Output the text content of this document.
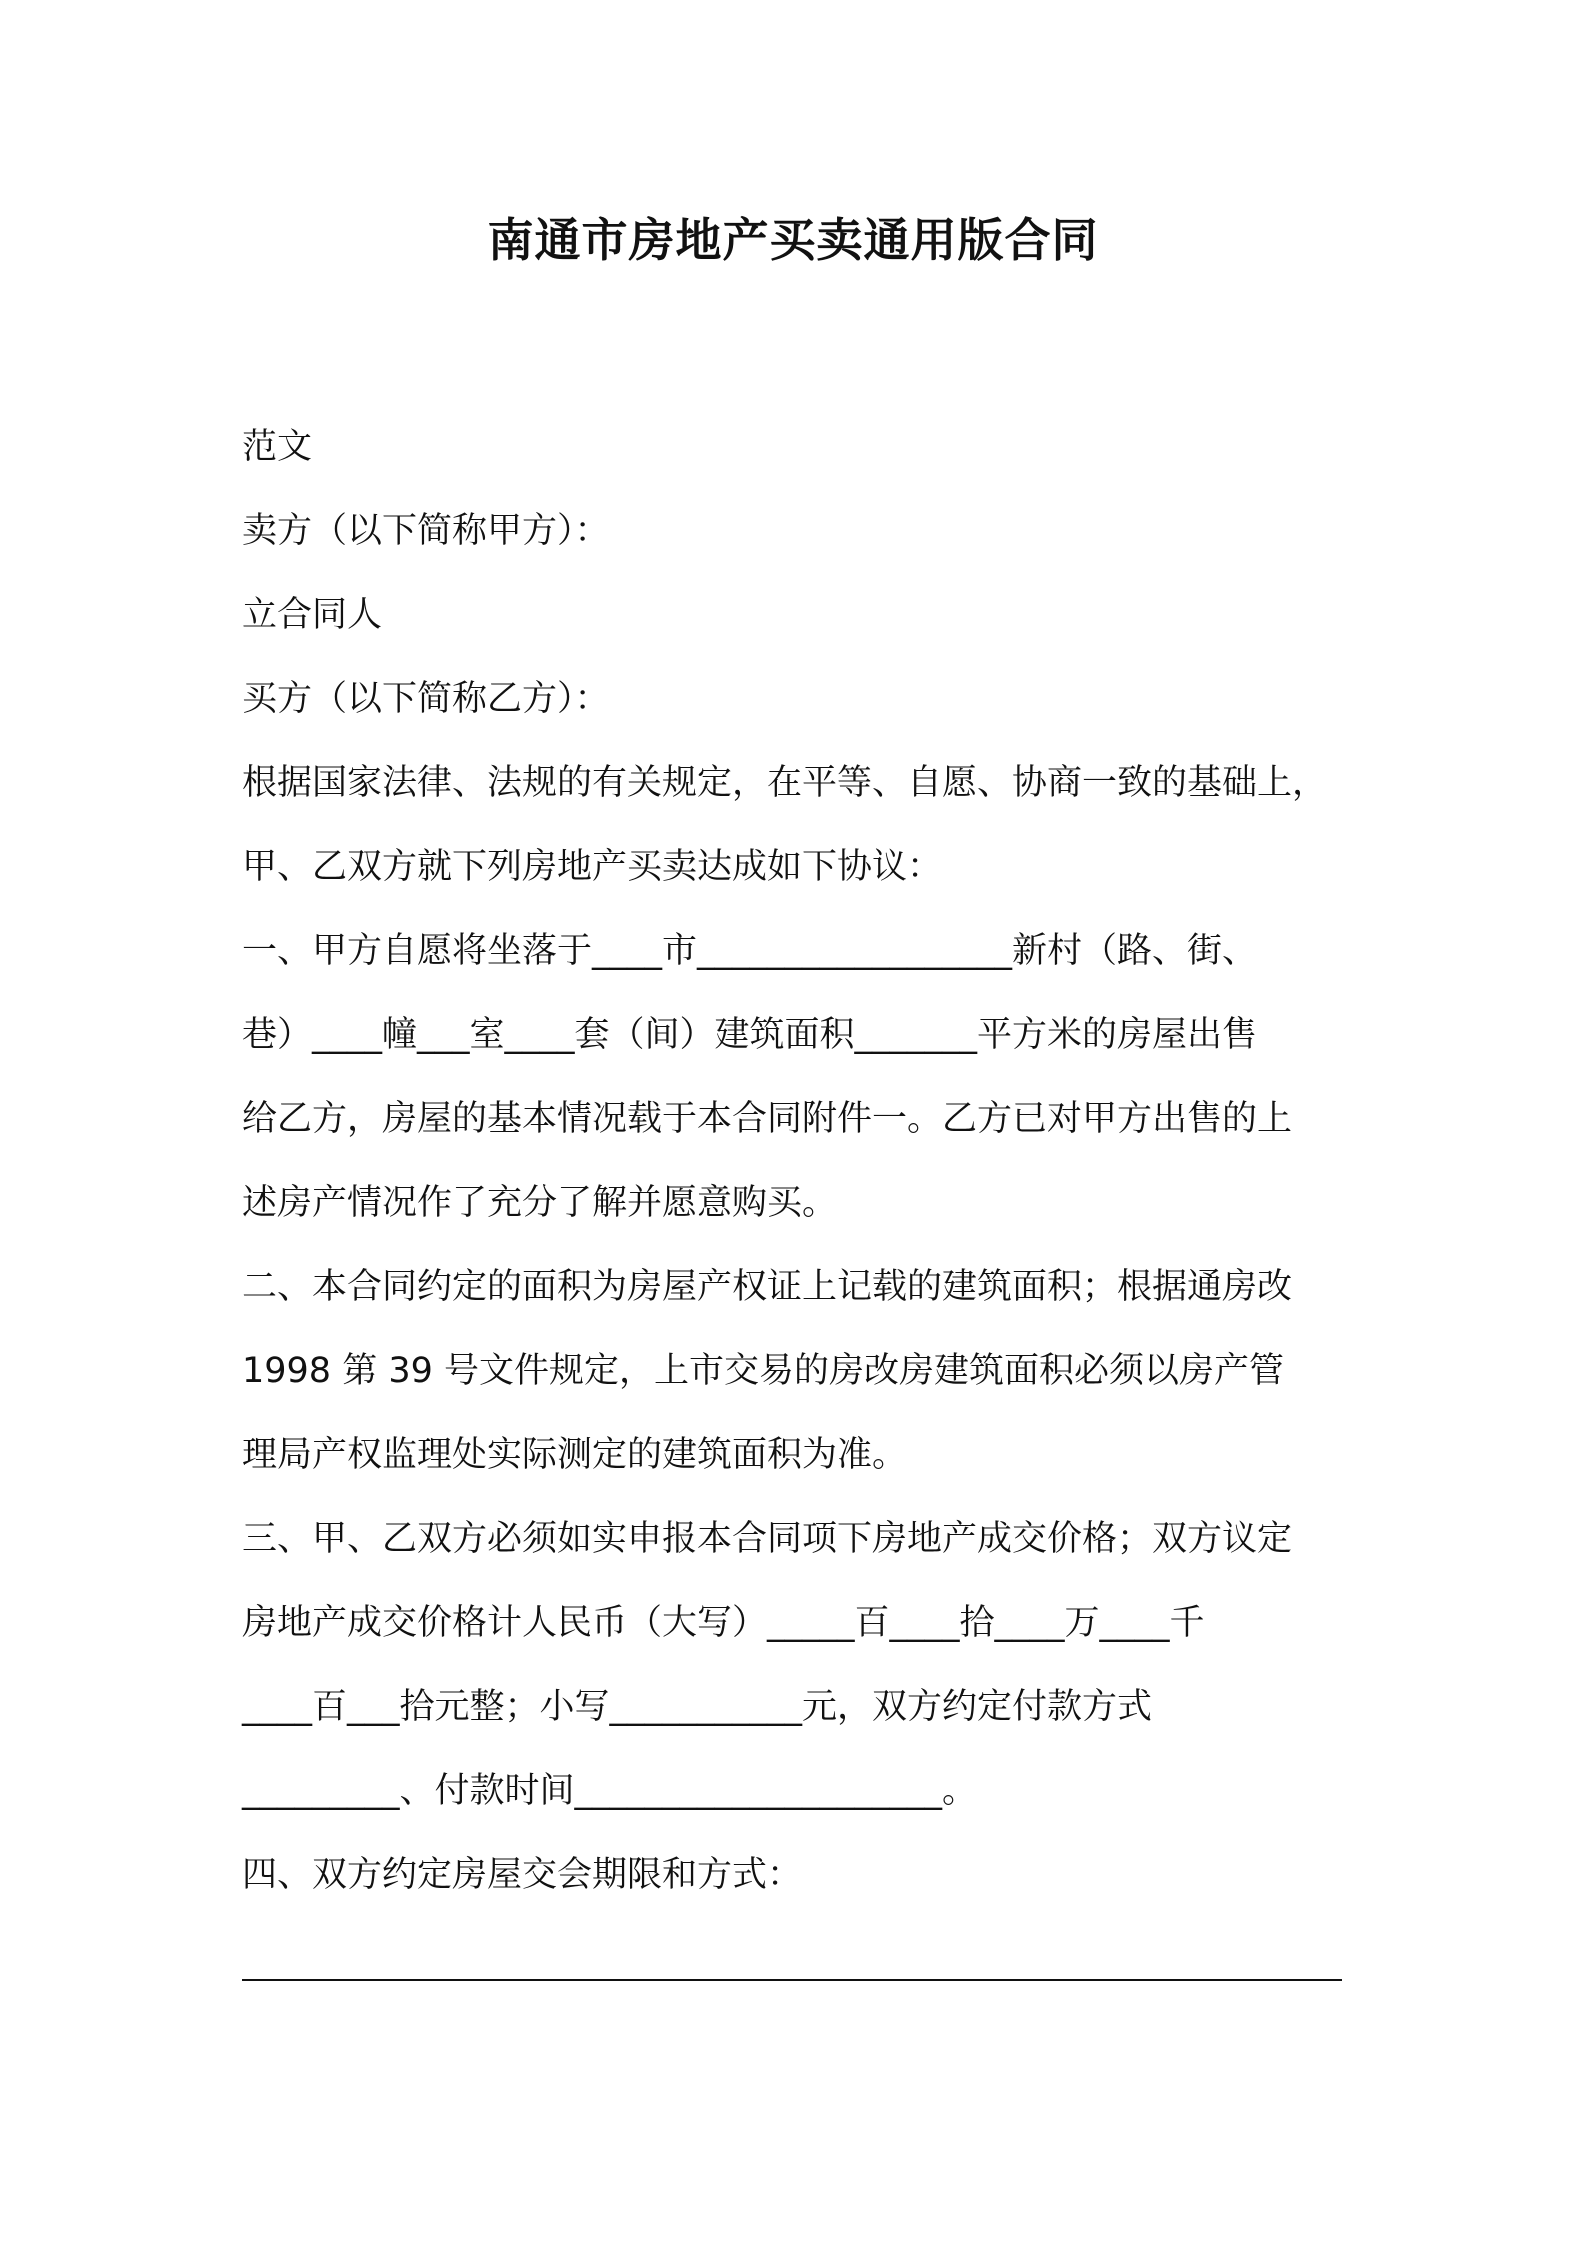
南通市房地产买卖通用版合同
范文
卖方（以下简称甲方）：
立合同人
买方（以下简称乙方）：
根据国家法律、法规的有关规定，在平等、自愿、协商一致的基础上，
甲、乙双方就下列房地产买卖达成如下协议：
一、甲方自愿将坐落于____市__________________新村（路、街、
巷）____幢___室____套（间）建筑面积_______平方米的房屋出售
给乙方，房屋的基本情况载于本合同附件一。乙方已对甲方出售的上
述房产情况作了充分了解并愿意购买。
二、本合同约定的面积为房屋产权证上记载的建筑面积；根据通房改
1998 第 39 号文件规定，上市交易的房改房建筑面积必须以房产管
理局产权监理处实际测定的建筑面积为准。
三、甲、乙双方必须如实申报本合同项下房地产成交价格；双方议定
房地产成交价格计人民币（大写）_____百____拾____万____千
____百___拾元整；小写___________元，双方约定付款方式
_________、付款时间_____________________。
四、双方约定房屋交会期限和方式：
